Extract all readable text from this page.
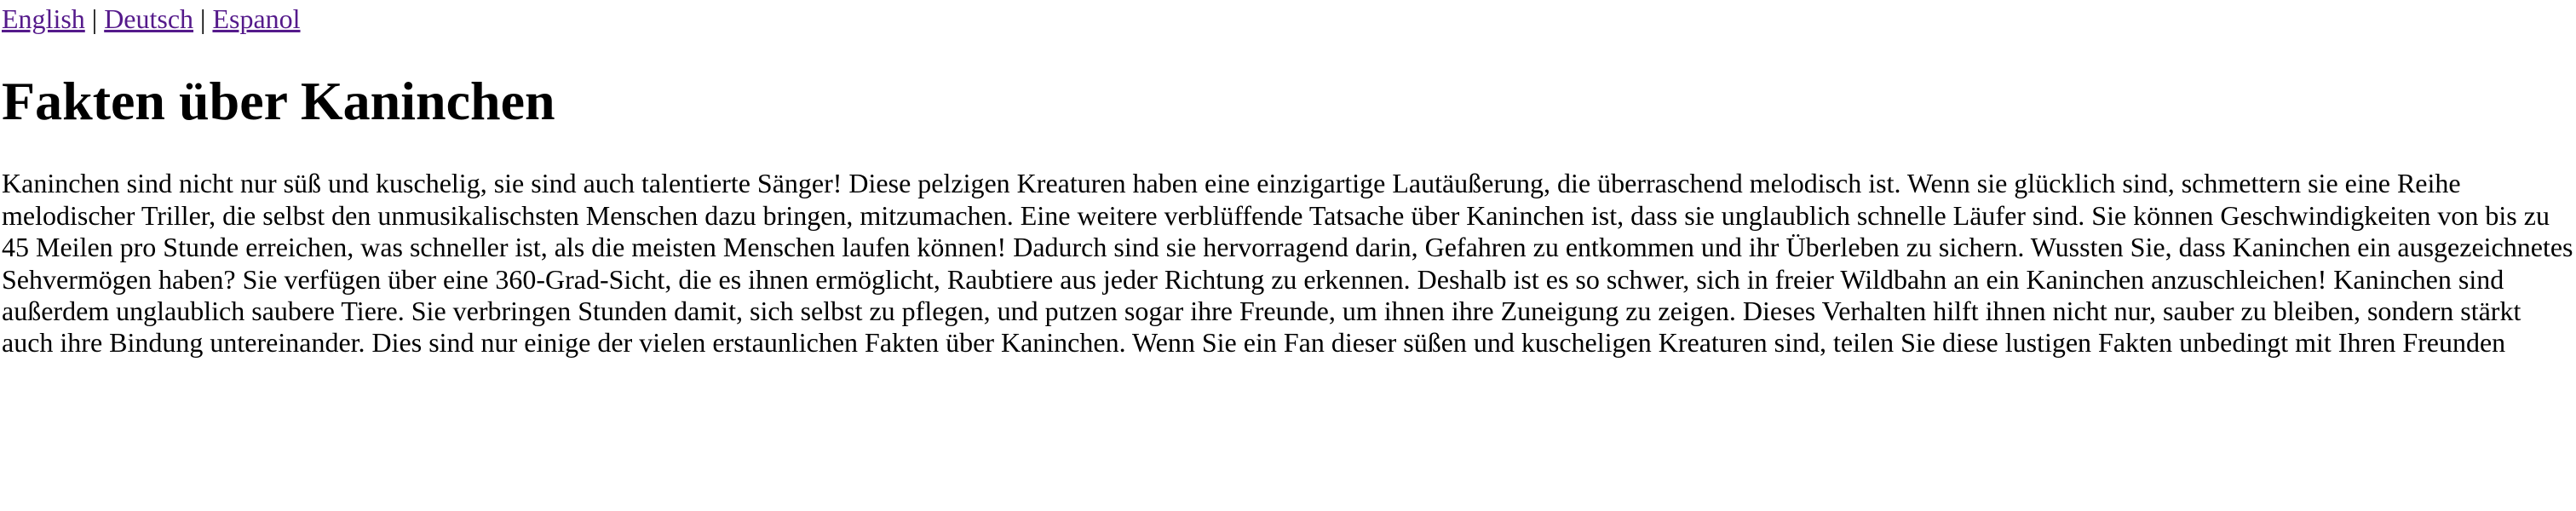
English | Deutsch | Espanol
Fakten über Kaninchen

Kaninchen sind nicht nur süß und kuschelig, sie sind auch talentierte Sänger! Diese pelzigen Kreaturen haben eine einzigartige Lautäußerung, die überraschend melodisch ist. Wenn sie glücklich sind, schmettern sie eine Reihe melodischer Triller, die selbst den unmusikalischsten Menschen dazu bringen, mitzumachen. Eine weitere verblüffende Tatsache über Kaninchen ist, dass sie unglaublich schnelle Läufer sind. Sie können Geschwindigkeiten von bis zu 45 Meilen pro Stunde erreichen, was schneller ist, als die meisten Menschen laufen können! Dadurch sind sie hervorragend darin, Gefahren zu entkommen und ihr Überleben zu sichern. Wussten Sie, dass Kaninchen ein ausgezeichnetes Sehvermögen haben? Sie verfügen über eine 360-Grad-Sicht, die es ihnen ermöglicht, Raubtiere aus jeder Richtung zu erkennen. Deshalb ist es so schwer, sich in freier Wildbahn an ein Kaninchen anzuschleichen! Kaninchen sind außerdem unglaublich saubere Tiere. Sie verbringen Stunden damit, sich selbst zu pflegen, und putzen sogar ihre Freunde, um ihnen ihre Zuneigung zu zeigen. Dieses Verhalten hilft ihnen nicht nur, sauber zu bleiben, sondern stärkt auch ihre Bindung untereinander. Dies sind nur einige der vielen erstaunlichen Fakten über Kaninchen. Wenn Sie ein Fan dieser süßen und kuscheligen Kreaturen sind, teilen Sie diese lustigen Fakten unbedingt mit Ihren Freunden
